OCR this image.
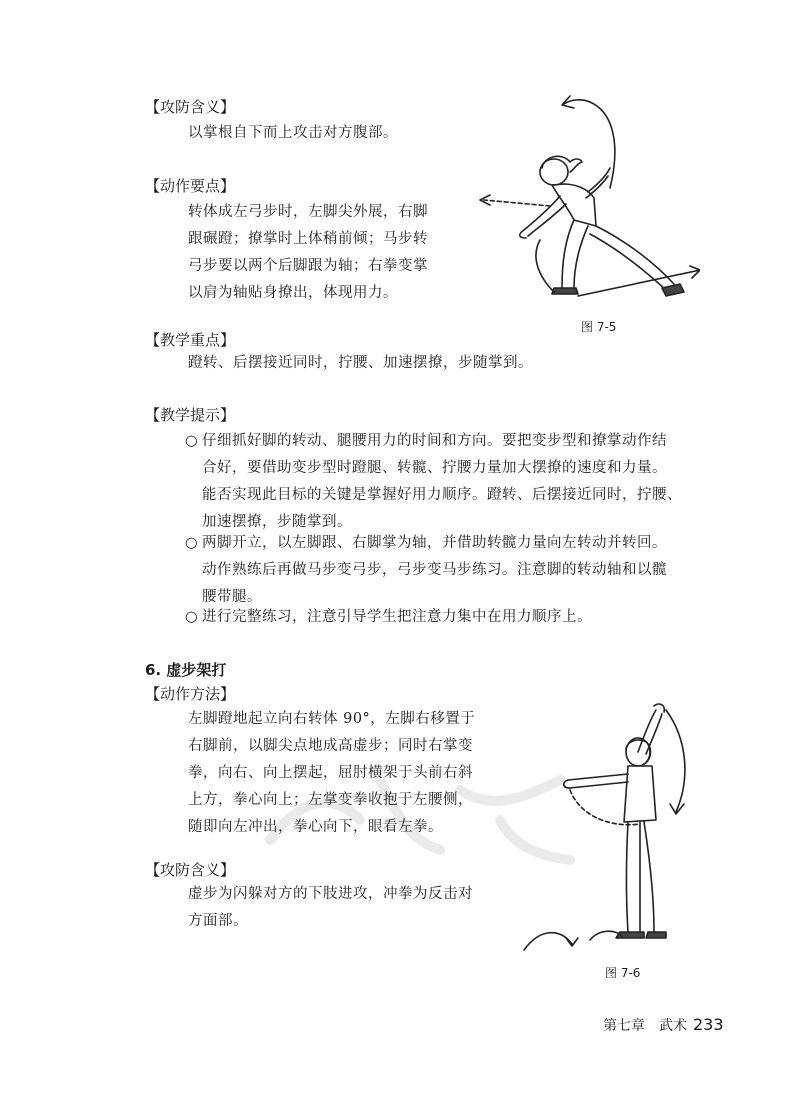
【攻防含义】
以掌根自下而上攻击对方腹部。
【动作要点】
转体成左弓步时，左脚尖外展，右脚
跟碾蹬；撩掌时上体稍前倾；马步转
弓步要以两个后脚跟为轴；右拳变掌
以肩为轴贴身撩出，体现用力。
图 7-5
【教学重点】
蹬转、后摆接近同时，拧腰、加速摆撩，步随掌到。
【教学提示】
○ 仔细抓好脚的转动、腿腰用力的时间和方向。要把变步型和撩掌动作结
合好，要借助变步型时蹬腿、转髋、拧腰力量加大摆撩的速度和力量。
能否实现此目标的关键是掌握好用力顺序。蹬转、后摆接近同时，拧腰、
加速摆撩，步随掌到。
○ 两脚开立，以左脚跟、右脚掌为轴，并借助转髋力量向左转动并转回。
动作熟练后再做马步变弓步，弓步变马步练习。注意脚的转动轴和以髋
腰带腿。
○ 进行完整练习，注意引导学生把注意力集中在用力顺序上。
6. 虚步架打
【动作方法】
左脚蹬地起立向右转体 90°，左脚右移置于
右脚前，以脚尖点地成高虚步；同时右掌变
拳，向右、向上摆起，屈肘横架于头前右斜
上方，拳心向上；左掌变拳收抱于左腰侧，
随即向左冲出，拳心向下，眼看左拳。
【攻防含义】
虚步为闪躲对方的下肢进攻，冲拳为反击对
方面部。
图 7-6
第七章　武术 233
